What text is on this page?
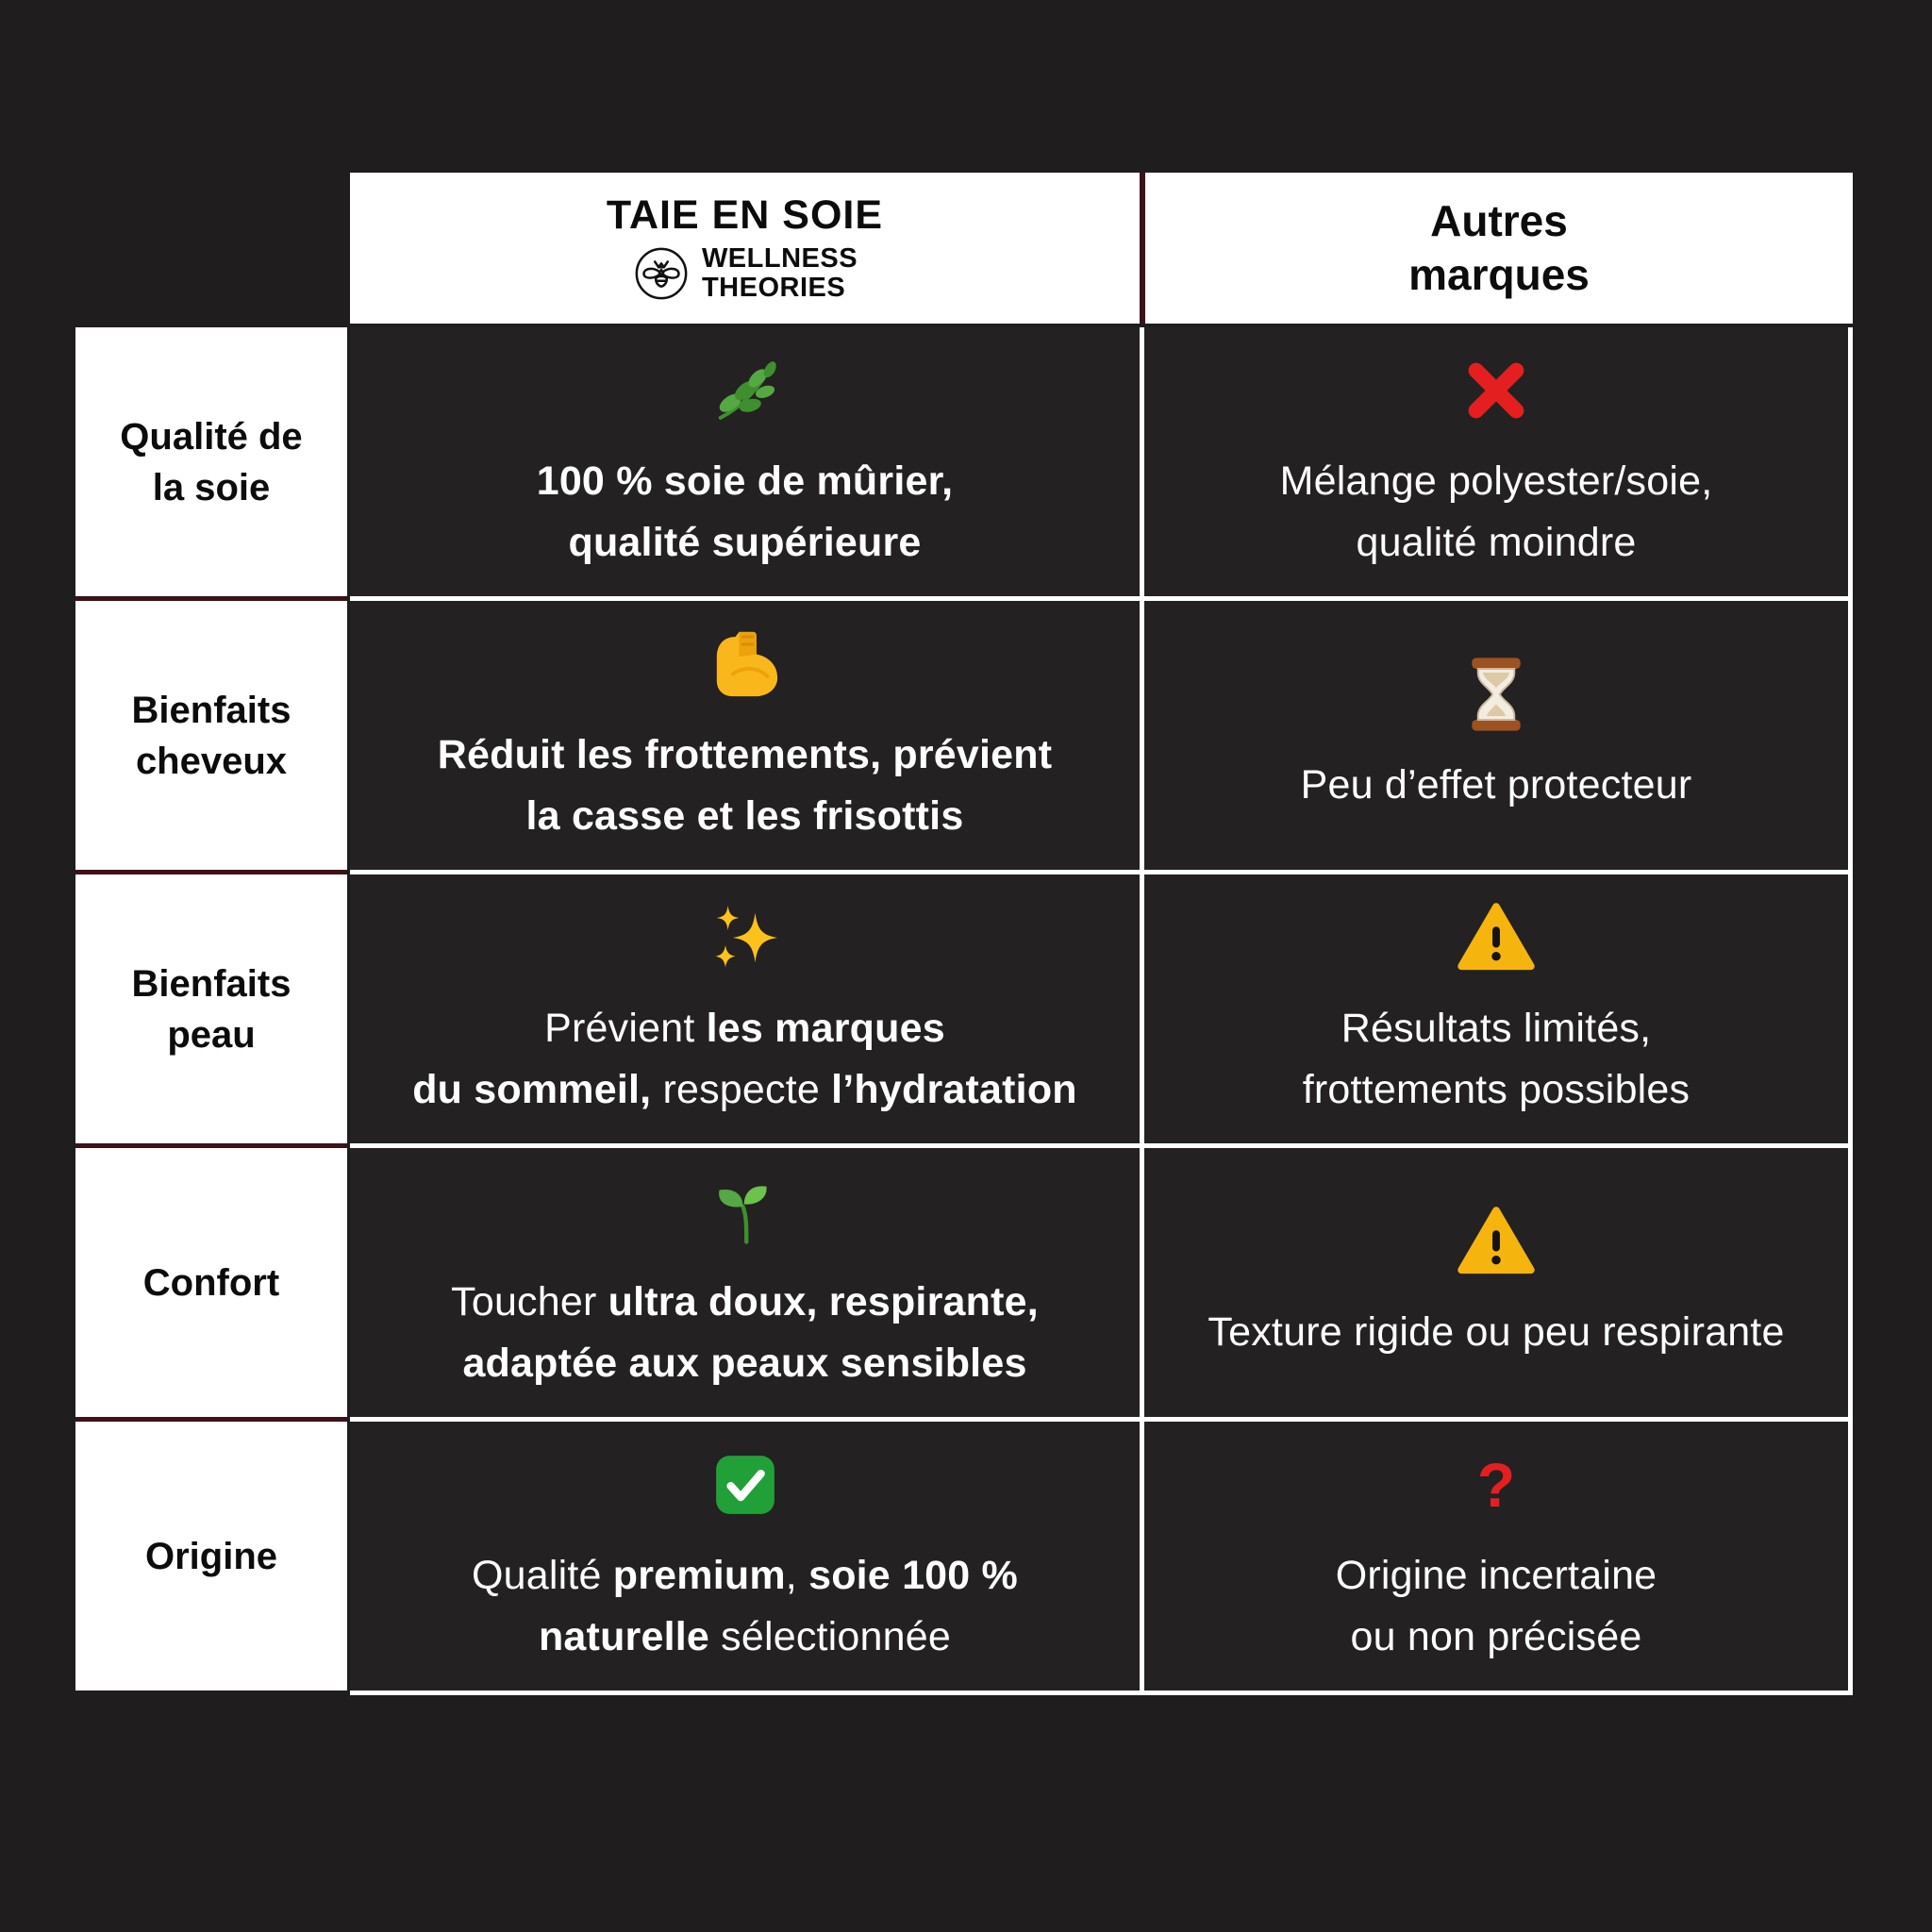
TAIE EN SOIE
WELLNESS
THEORIES
Autres
marques
Qualité de
la soie
Bienfaits
cheveux
Bienfaits
peau
Confort
Origine
100 % soie de mûrier,
qualité supérieure
Mélange polyester/soie,
qualité moindre
Réduit les frottements, prévient
la casse et les frisottis
Peu d’effet protecteur
Prévient les marques
du sommeil, respecte l’hydratation
Résultats limités,
frottements possibles
Toucher ultra doux, respirante,
adaptée aux peaux sensibles
Texture rigide ou peu respirante
Qualité premium, soie 100 %
naturelle sélectionnée
?
Origine incertaine
ou non précisée
